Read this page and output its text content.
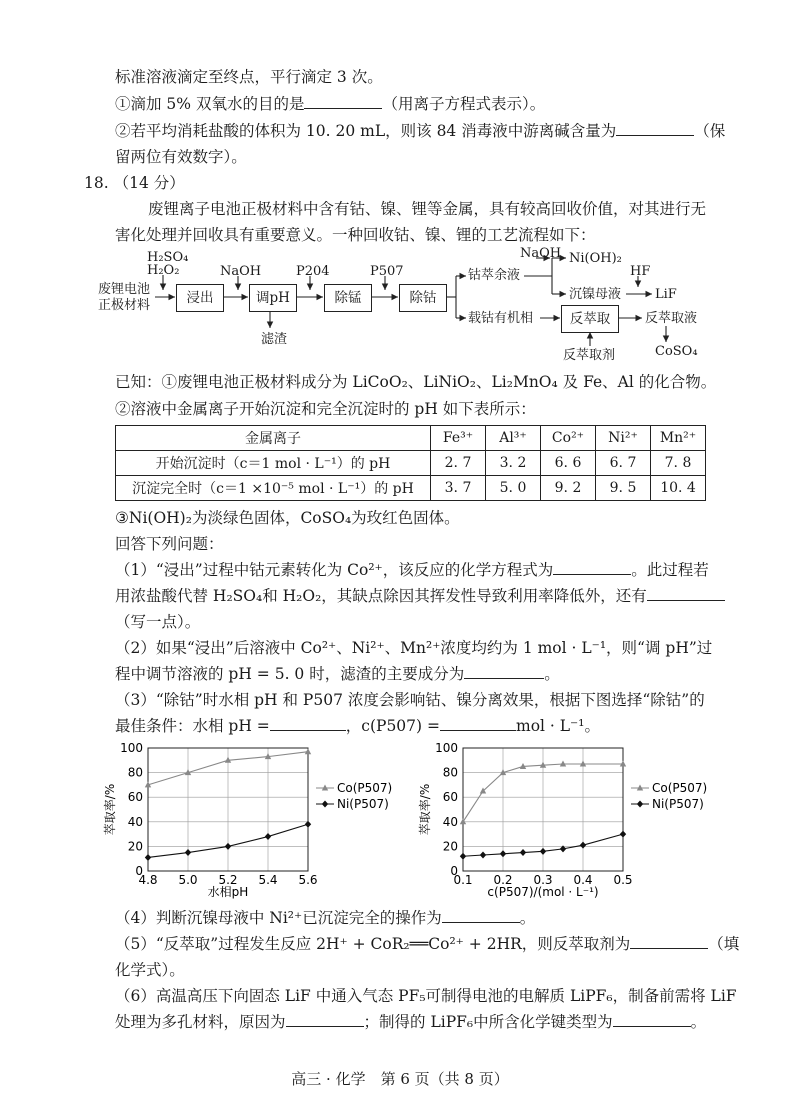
标准溶液滴定至终点，平行滴定 3 次。
①滴加 5% 双氧水的目的是	（用离子方程式表示）。
②若平均消耗盐酸的体积为 10. 20 mL，则该 84 消毒液中游离碱含量为	（保
留两位有效数字）。
18. （14 分）
废锂离子电池正极材料中含有钴、镍、锂等金属，具有较高回收价值，对其进行无
害化处理并回收具有重要意义。一种回收钴、镍、锂的工艺流程如下：
H₂SO₄
H₂O₂
废锂电池
正极材料	浸出
NaOH
调pH
滤渣
P204
除锰
P507
除钴
钴萃余液
NaOH Ni(OH)₂
沉镍母液
HF
LiF
载钴有机相	反萃取	反萃取液
反萃取剂	CoSO₄
已知：①废锂电池正极材料成分为 LiCoO₂、LiNiO₂、Li₂MnO₄ 及 Fe、Al 的化合物。
②溶液中金属离子开始沉淀和完全沉淀时的 pH 如下表所示：
金属离子	Fe³⁺	Al³⁺	Co²⁺	Ni²⁺	Mn²⁺
开始沉淀时（c＝1 mol · L⁻¹）的 pH	2. 7	3. 2	6. 6	6. 7	7. 8
沉淀完全时（c＝1 ×10⁻⁵ mol · L⁻¹）的 pH	3. 7	5. 0	9. 2	9. 5	10. 4
③Ni(OH)₂为淡绿色固体，CoSO₄为玫红色固体。
回答下列问题：
（1）“浸出”过程中钴元素转化为 Co²⁺，该反应的化学方程式为	。此过程若
用浓盐酸代替 H₂SO₄和 H₂O₂，其缺点除因其挥发性导致利用率降低外，还有
（写一点）。
（2）如果“浸出”后溶液中 Co²⁺、Ni²⁺、Mn²⁺浓度均约为 1 mol · L⁻¹，则“调 pH”过
程中调节溶液的 pH = 5. 0 时，滤渣的主要成分为	。
（3）“除钴”时水相 pH 和 P507 浓度会影响钴、镍分离效果，根据下图选择“除钴”的
最佳条件：水相 pH =	，c(P507) =	mol · L⁻¹。
0
20
40
60
80
100
4.8 5.0 5.2 5.4 5.6
水相pH
萃取率/%	Co(P507)
Ni(P507)
0
20
40
60
80
100
0.1 0.2 0.3 0.4 0.5
c(P507)/(mol · L⁻¹)
萃取率/%	Co(P507)
Ni(P507)
（4）判断沉镍母液中 Ni²⁺已沉淀完全的操作为	。
（5）“反萃取”过程发生反应 2H⁺ + CoR₂══Co²⁺ + 2HR，则反萃取剂为	（填
化学式）。
（6）高温高压下向固态 LiF 中通入气态 PF₅可制得电池的电解质 LiPF₆，制备前需将 LiF
处理为多孔材料，原因为	；制得的 LiPF₆中所含化学键类型为	。
高三 · 化学　第 6 页（共 8 页）
